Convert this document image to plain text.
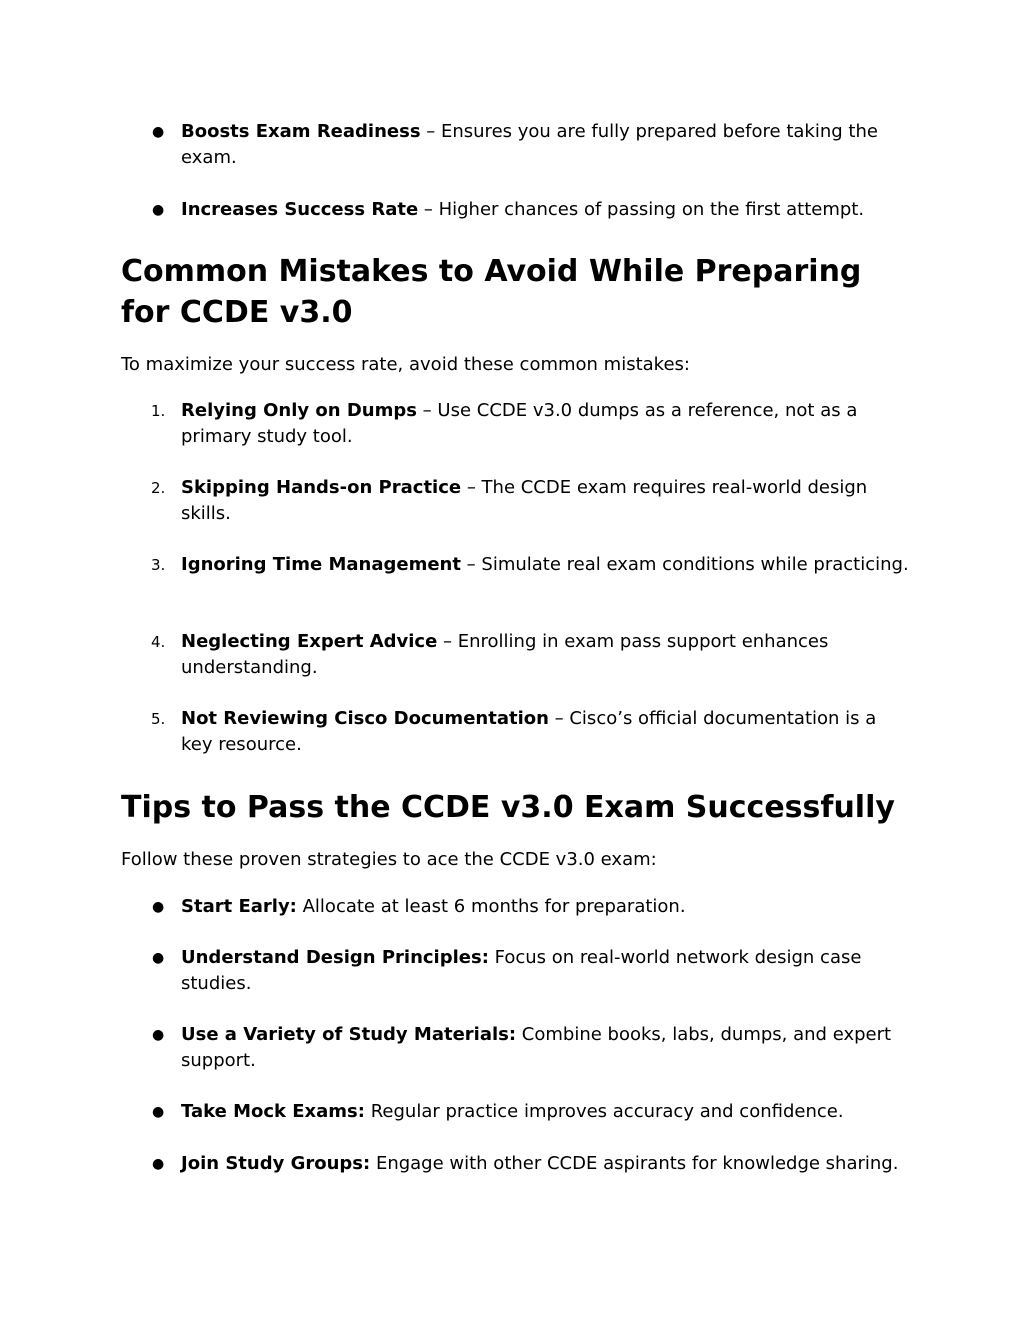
● Boosts Exam Readiness – Ensures you are fully prepared before taking the exam.
● Increases Success Rate – Higher chances of passing on the first attempt.
Common Mistakes to Avoid While Preparing for CCDE v3.0

To maximize your success rate, avoid these common mistakes:

1. Relying Only on Dumps – Use CCDE v3.0 dumps as a reference, not as a primary study tool.
2. Skipping Hands-on Practice – The CCDE exam requires real-world design skills.
3. Ignoring Time Management – Simulate real exam conditions while practicing.
4. Neglecting Expert Advice – Enrolling in exam pass support enhances understanding.
5. Not Reviewing Cisco Documentation – Cisco’s official documentation is a key resource.
Tips to Pass the CCDE v3.0 Exam Successfully

Follow these proven strategies to ace the CCDE v3.0 exam:

● Start Early: Allocate at least 6 months for preparation.
● Understand Design Principles: Focus on real-world network design case studies.
● Use a Variety of Study Materials: Combine books, labs, dumps, and expert support.
● Take Mock Exams: Regular practice improves accuracy and confidence.
● Join Study Groups: Engage with other CCDE aspirants for knowledge sharing.
